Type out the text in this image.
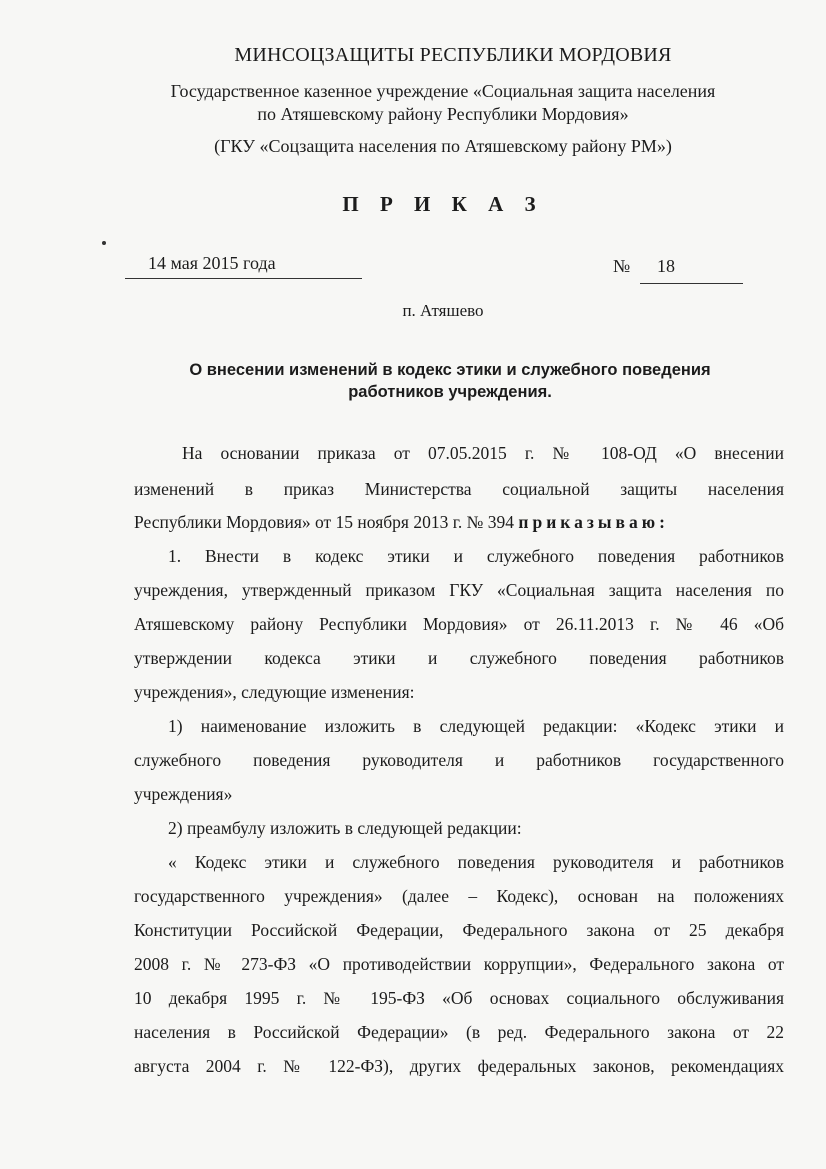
МИНСОЦЗАЩИТЫ РЕСПУБЛИКИ МОРДОВИЯ
Государственное казенное учреждение «Социальная защита населения
по Атяшевскому району Республики Мордовия»
(ГКУ «Соцзащита населения по Атяшевскому району РМ»)
П Р И К А З
14 мая 2015 года	№ 18
п. Атяшево
О внесении изменений в кодекс этики и служебного поведения
работников учреждения.
На основании приказа от 07.05.2015 г. № 108-ОД «О внесении
изменений в приказ Министерства социальной защиты населения
Республики Мордовия» от 15 ноября 2013 г. № 394 приказываю:
1. Внести в кодекс этики и служебного поведения работников
учреждения, утвержденный приказом ГКУ «Социальная защита населения по
Атяшевскому району Республики Мордовия» от 26.11.2013 г. № 46 «Об
утверждении кодекса этики и служебного поведения работников
учреждения», следующие изменения:
1) наименование изложить в следующей редакции: «Кодекс этики и
служебного поведения руководителя и работников государственного
учреждения»
2) преамбулу изложить в следующей редакции:
« Кодекс этики и служебного поведения руководителя и работников
государственного учреждения» (далее – Кодекс), основан на положениях
Конституции Российской Федерации, Федерального закона от 25 декабря
2008 г. № 273-ФЗ «О противодействии коррупции», Федерального закона от
10 декабря 1995 г. № 195-ФЗ «Об основах социального обслуживания
населения в Российской Федерации» (в ред. Федерального закона от 22
августа 2004 г. № 122-ФЗ), других федеральных законов, рекомендациях
